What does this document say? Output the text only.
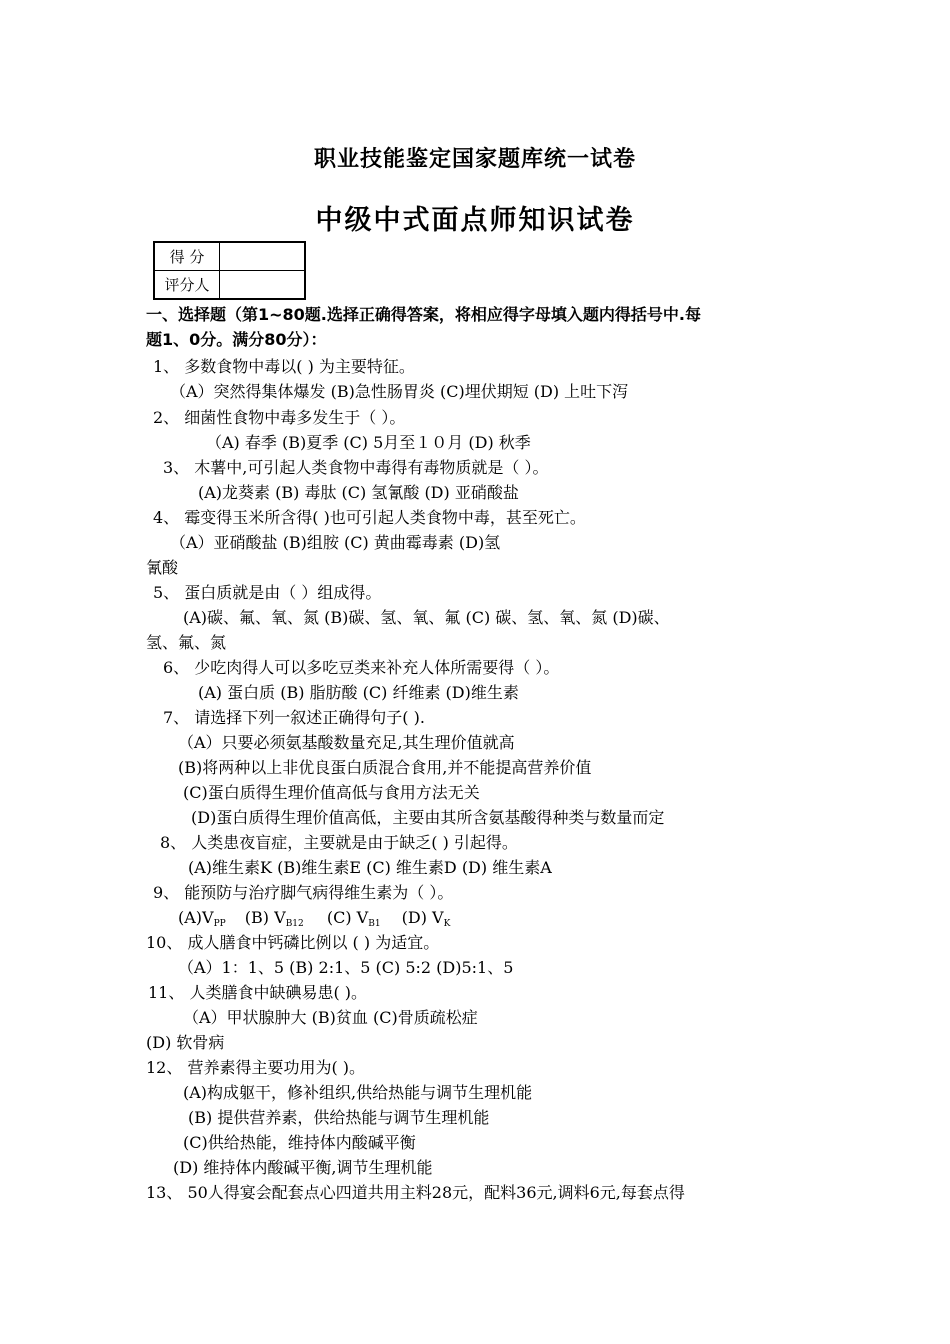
职业技能鉴定国家题库统一试卷
中级中式面点师知识试卷
得 分	
评分人	
一、选择题（第1~80题.选择正确得答案，将相应得字母填入题内得括号中.每
题1、0分。满分80分）：
1、 多数食物中毒以( ) 为主要特征。
（A）突然得集体爆发 (B)急性肠胃炎 (C)埋伏期短 (D) 上吐下泻
2、 细菌性食物中毒多发生于（ ）。
（A) 春季 (B)夏季 (C) 5月至１０月 (D) 秋季
3、 木薯中,可引起人类食物中毒得有毒物质就是（ ）。
(A)龙葵素 (B) 毒肽 (C) 氢氰酸 (D) 亚硝酸盐
4、 霉变得玉米所含得( )也可引起人类食物中毒，甚至死亡。
（A）亚硝酸盐 (B)组胺 (C) 黄曲霉毒素 (D)氢
氰酸
5、 蛋白质就是由（ ）组成得。
(A)碳、氟、氧、氮 (B)碳、氢、氧、氟 (C) 碳、氢、氧、氮 (D)碳、
氢、氟、氮
6、 少吃肉得人可以多吃豆类来补充人体所需要得（ ）。
(A) 蛋白质 (B) 脂肪酸 (C) 纤维素 (D)维生素
7、 请选择下列一叙述正确得句子( ).
（A）只要必须氨基酸数量充足,其生理价值就高
(B)将两种以上非优良蛋白质混合食用,并不能提高营养价值
(C)蛋白质得生理价值高低与食用方法无关
(D)蛋白质得生理价值高低，主要由其所含氨基酸得种类与数量而定
8、 人类患夜盲症，主要就是由于缺乏( ) 引起得。
(A)维生素K (B)维生素E (C) 维生素D (D) 维生素A
9、 能预防与治疗脚气病得维生素为（ ）。
$(A)V_{PP}$ (B) $V_{B12}$ (C) $V_{B1}$ (D) $V_K$
10、 成人膳食中钙磷比例以 ( ) 为适宜。
（A）1：1、5 (B) 2:1、5 (C) 5:2 (D)5:1、5
11、 人类膳食中缺碘易患( )。
（A）甲状腺肿大 (B)贫血 (C)骨质疏松症
(D) 软骨病
12、 营养素得主要功用为( )。
(A)构成躯干，修补组织,供给热能与调节生理机能
(B) 提供营养素，供给热能与调节生理机能
(C)供给热能，维持体内酸碱平衡
(D) 维持体内酸碱平衡,调节生理机能
13、 50人得宴会配套点心四道共用主料28元，配料36元,调料6元,每套点得
